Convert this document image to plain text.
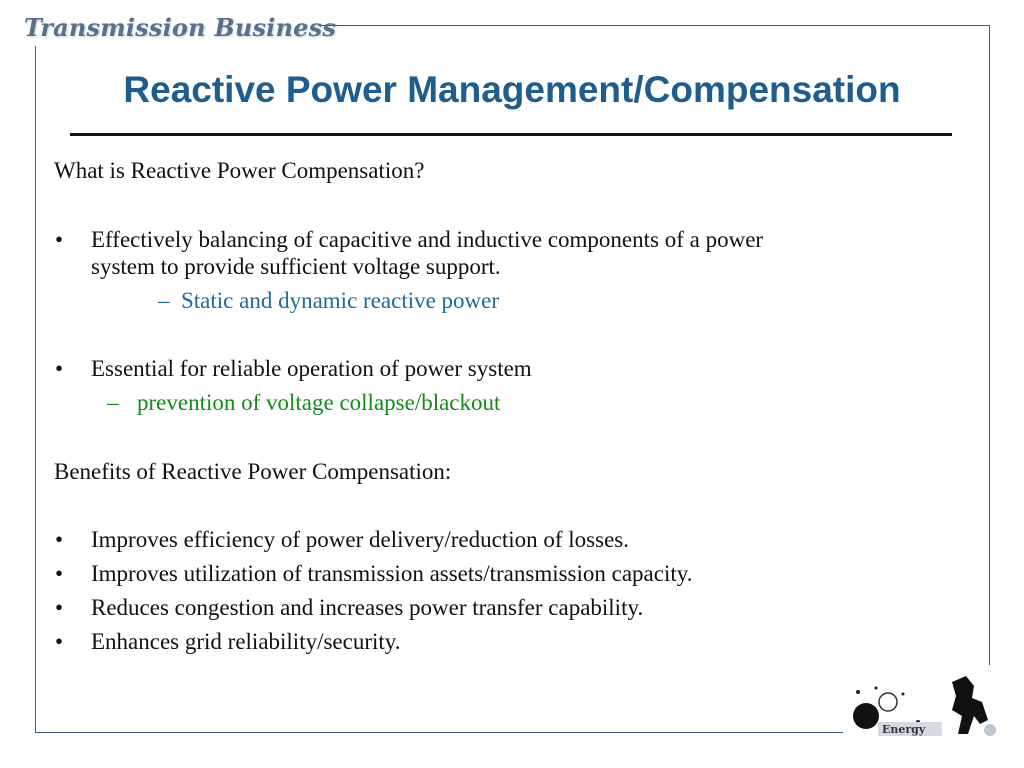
Transmission Business
Reactive Power Management/Compensation
What is Reactive Power Compensation?
• Effectively balancing of capacitive and inductive components of a power
system to provide sufficient voltage support.
– Static and dynamic reactive power
• Essential for reliable operation of power system
– prevention of voltage collapse/blackout
Benefits of Reactive Power Compensation:
• Improves efficiency of power delivery/reduction of losses.
• Improves utilization of transmission assets/transmission capacity.
• Reduces congestion and increases power transfer capability.
• Enhances grid reliability/security.
Energy
